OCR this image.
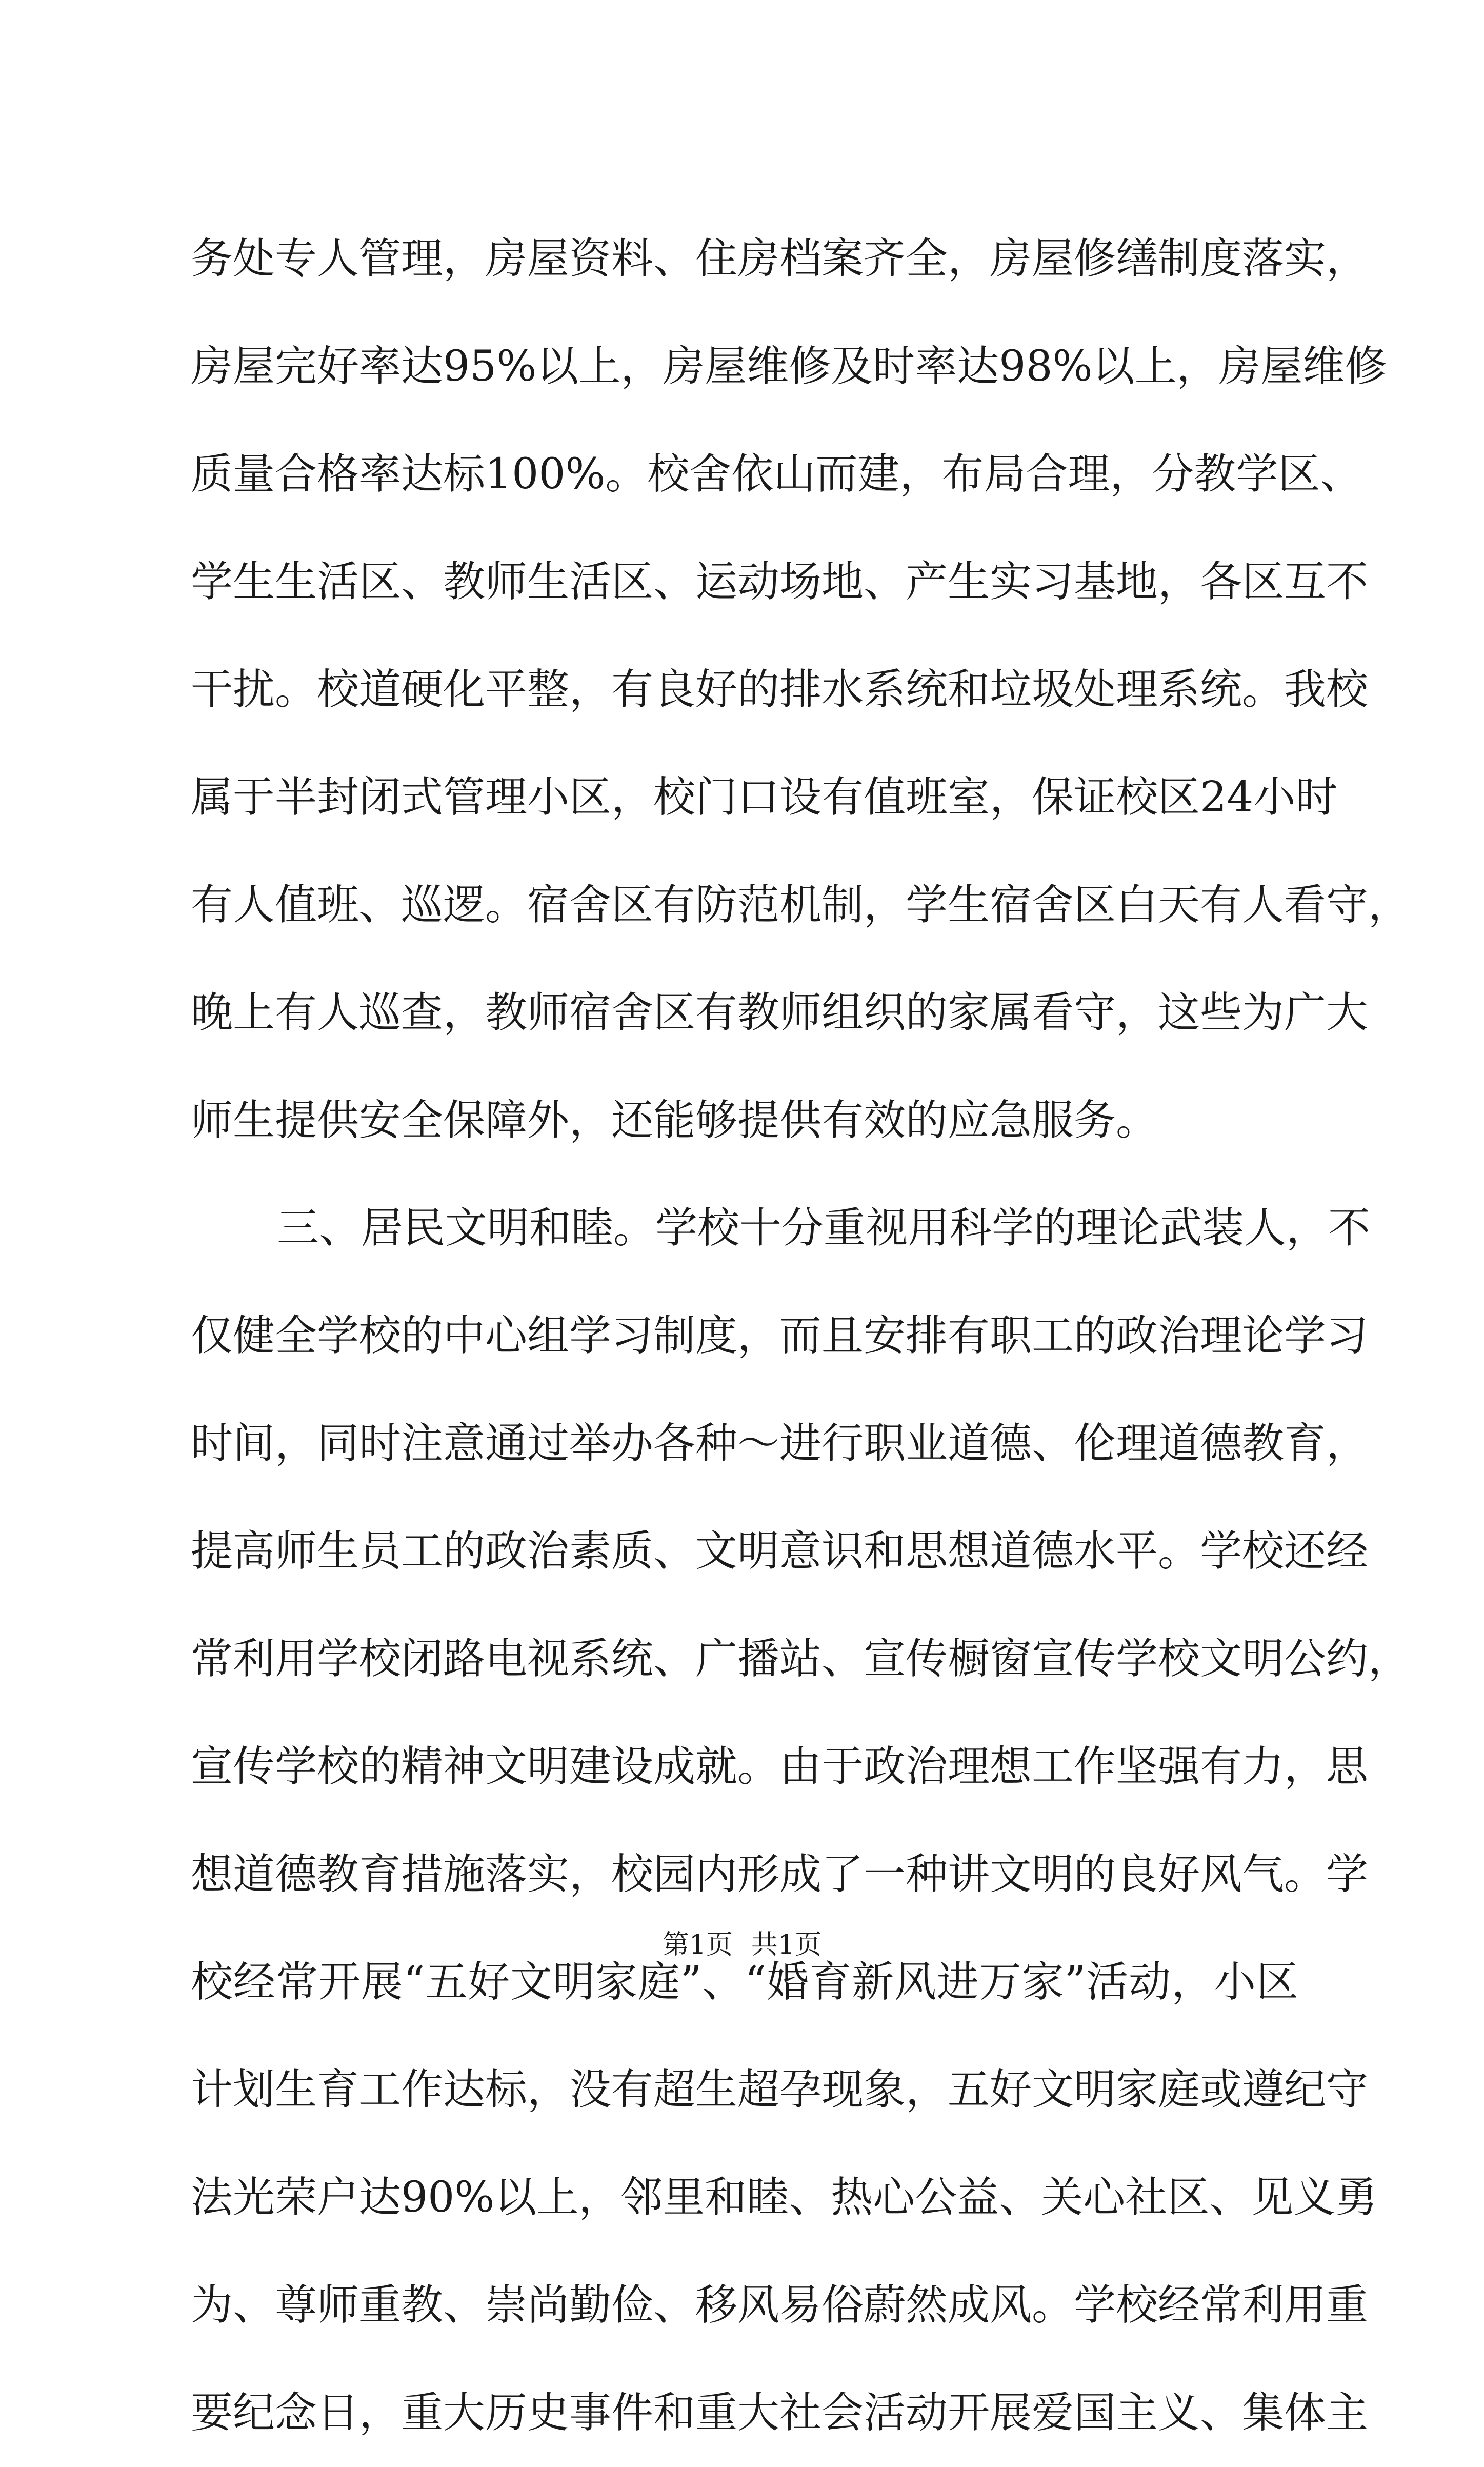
务处专人管理，房屋资料、住房档案齐全，房屋修缮制度落实，
房屋完好率达95%以上，房屋维修及时率达98%以上，房屋维修
质量合格率达标100%。校舍依山而建，布局合理，分教学区、
学生生活区、教师生活区、运动场地、产生实习基地，各区互不
干扰。校道硬化平整，有良好的排水系统和垃圾处理系统。我校
属于半封闭式管理小区，校门口设有值班室，保证校区24小时
有人值班、巡逻。宿舍区有防范机制，学生宿舍区白天有人看守，
晚上有人巡查，教师宿舍区有教师组织的家属看守，这些为广大
师生提供安全保障外，还能够提供有效的应急服务。
三、居民文明和睦。学校十分重视用科学的理论武装人，不
仅健全学校的中心组学习制度，而且安排有职工的政治理论学习
时间，同时注意通过举办各种～进行职业道德、伦理道德教育，
提高师生员工的政治素质、文明意识和思想道德水平。学校还经
常利用学校闭路电视系统、广播站、宣传橱窗宣传学校文明公约，
宣传学校的精神文明建设成就。由于政治理想工作坚强有力，思
想道德教育措施落实，校园内形成了一种讲文明的良好风气。学
校经常开展“五好文明家庭”、“婚育新风进万家”活动，小区
计划生育工作达标，没有超生超孕现象，五好文明家庭或遵纪守
法光荣户达90%以上，邻里和睦、热心公益、关心社区、见义勇
为、尊师重教、崇尚勤俭、移风易俗蔚然成风。学校经常利用重
要纪念日，重大历史事件和重大社会活动开展爱国主义、集体主
第1页 共1页
